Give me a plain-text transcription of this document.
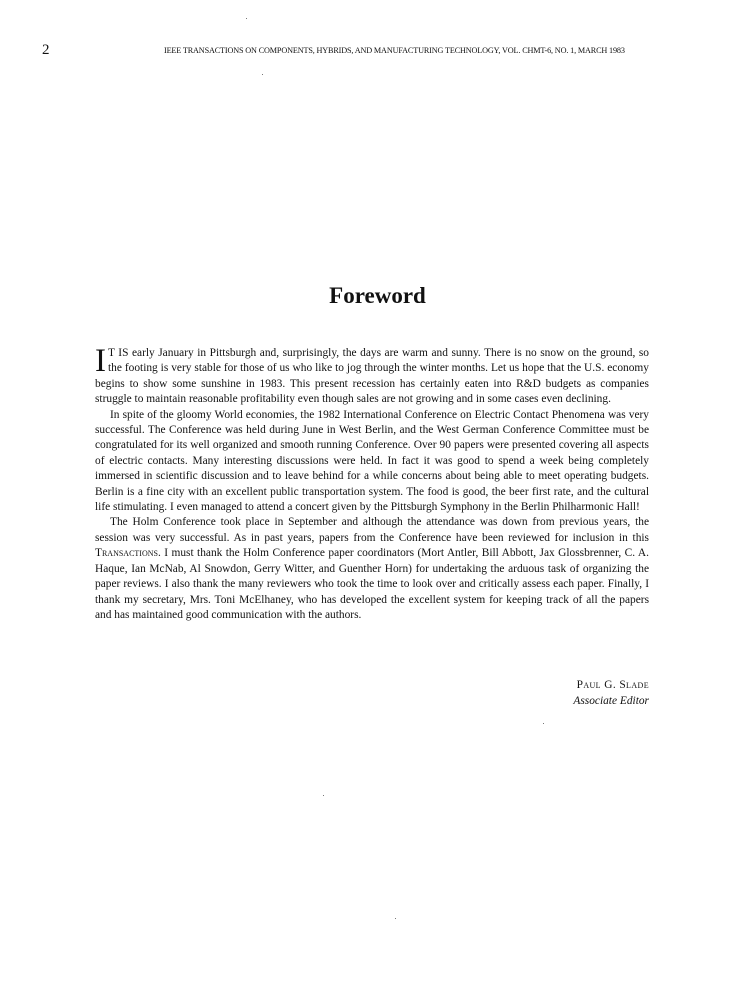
2	IEEE TRANSACTIONS ON COMPONENTS, HYBRIDS, AND MANUFACTURING TECHNOLOGY, VOL. CHMT-6, NO. 1, MARCH 1983
Foreword

I T IS early January in Pittsburgh and, surprisingly, the days are warm and sunny. There is no snow on the ground, so the footing is very stable for those of us who like to jog through the winter months. Let us hope that the U.S. economy begins to show some sunshine in 1983. This present recession has certainly eaten into R&D budgets as companies struggle to maintain reasonable profitability even though sales are not growing and in some cases even declining.

In spite of the gloomy World economies, the 1982 International Conference on Electric Contact Phenomena was very successful. The Conference was held during June in West Berlin, and the West German Conference Committee must be congratulated for its well organized and smooth running Conference. Over 90 papers were presented covering all aspects of electric contacts. Many interesting discussions were held. In fact it was good to spend a week being completely immersed in scientific discussion and to leave behind for a while concerns about being able to meet operating budgets. Berlin is a fine city with an excellent public transportation system. The food is good, the beer first rate, and the cultural life stimulating. I even managed to attend a concert given by the Pittsburgh Symphony in the Berlin Philharmonic Hall!

The Holm Conference took place in September and although the attendance was down from previous years, the session was very successful. As in past years, papers from the Conference have been reviewed for inclusion in this Transactions. I must thank the Holm Conference paper coordinators (Mort Antler, Bill Abbott, Jax Glossbrenner, C. A. Haque, Ian McNab, Al Snowdon, Gerry Witter, and Guenther Horn) for undertaking the arduous task of organizing the paper reviews. I also thank the many reviewers who took the time to look over and critically assess each paper. Finally, I thank my secretary, Mrs. Toni McElhaney, who has developed the excellent system for keeping track of all the papers and has maintained good communication with the authors.

Paul G. Slade
Associate Editor
